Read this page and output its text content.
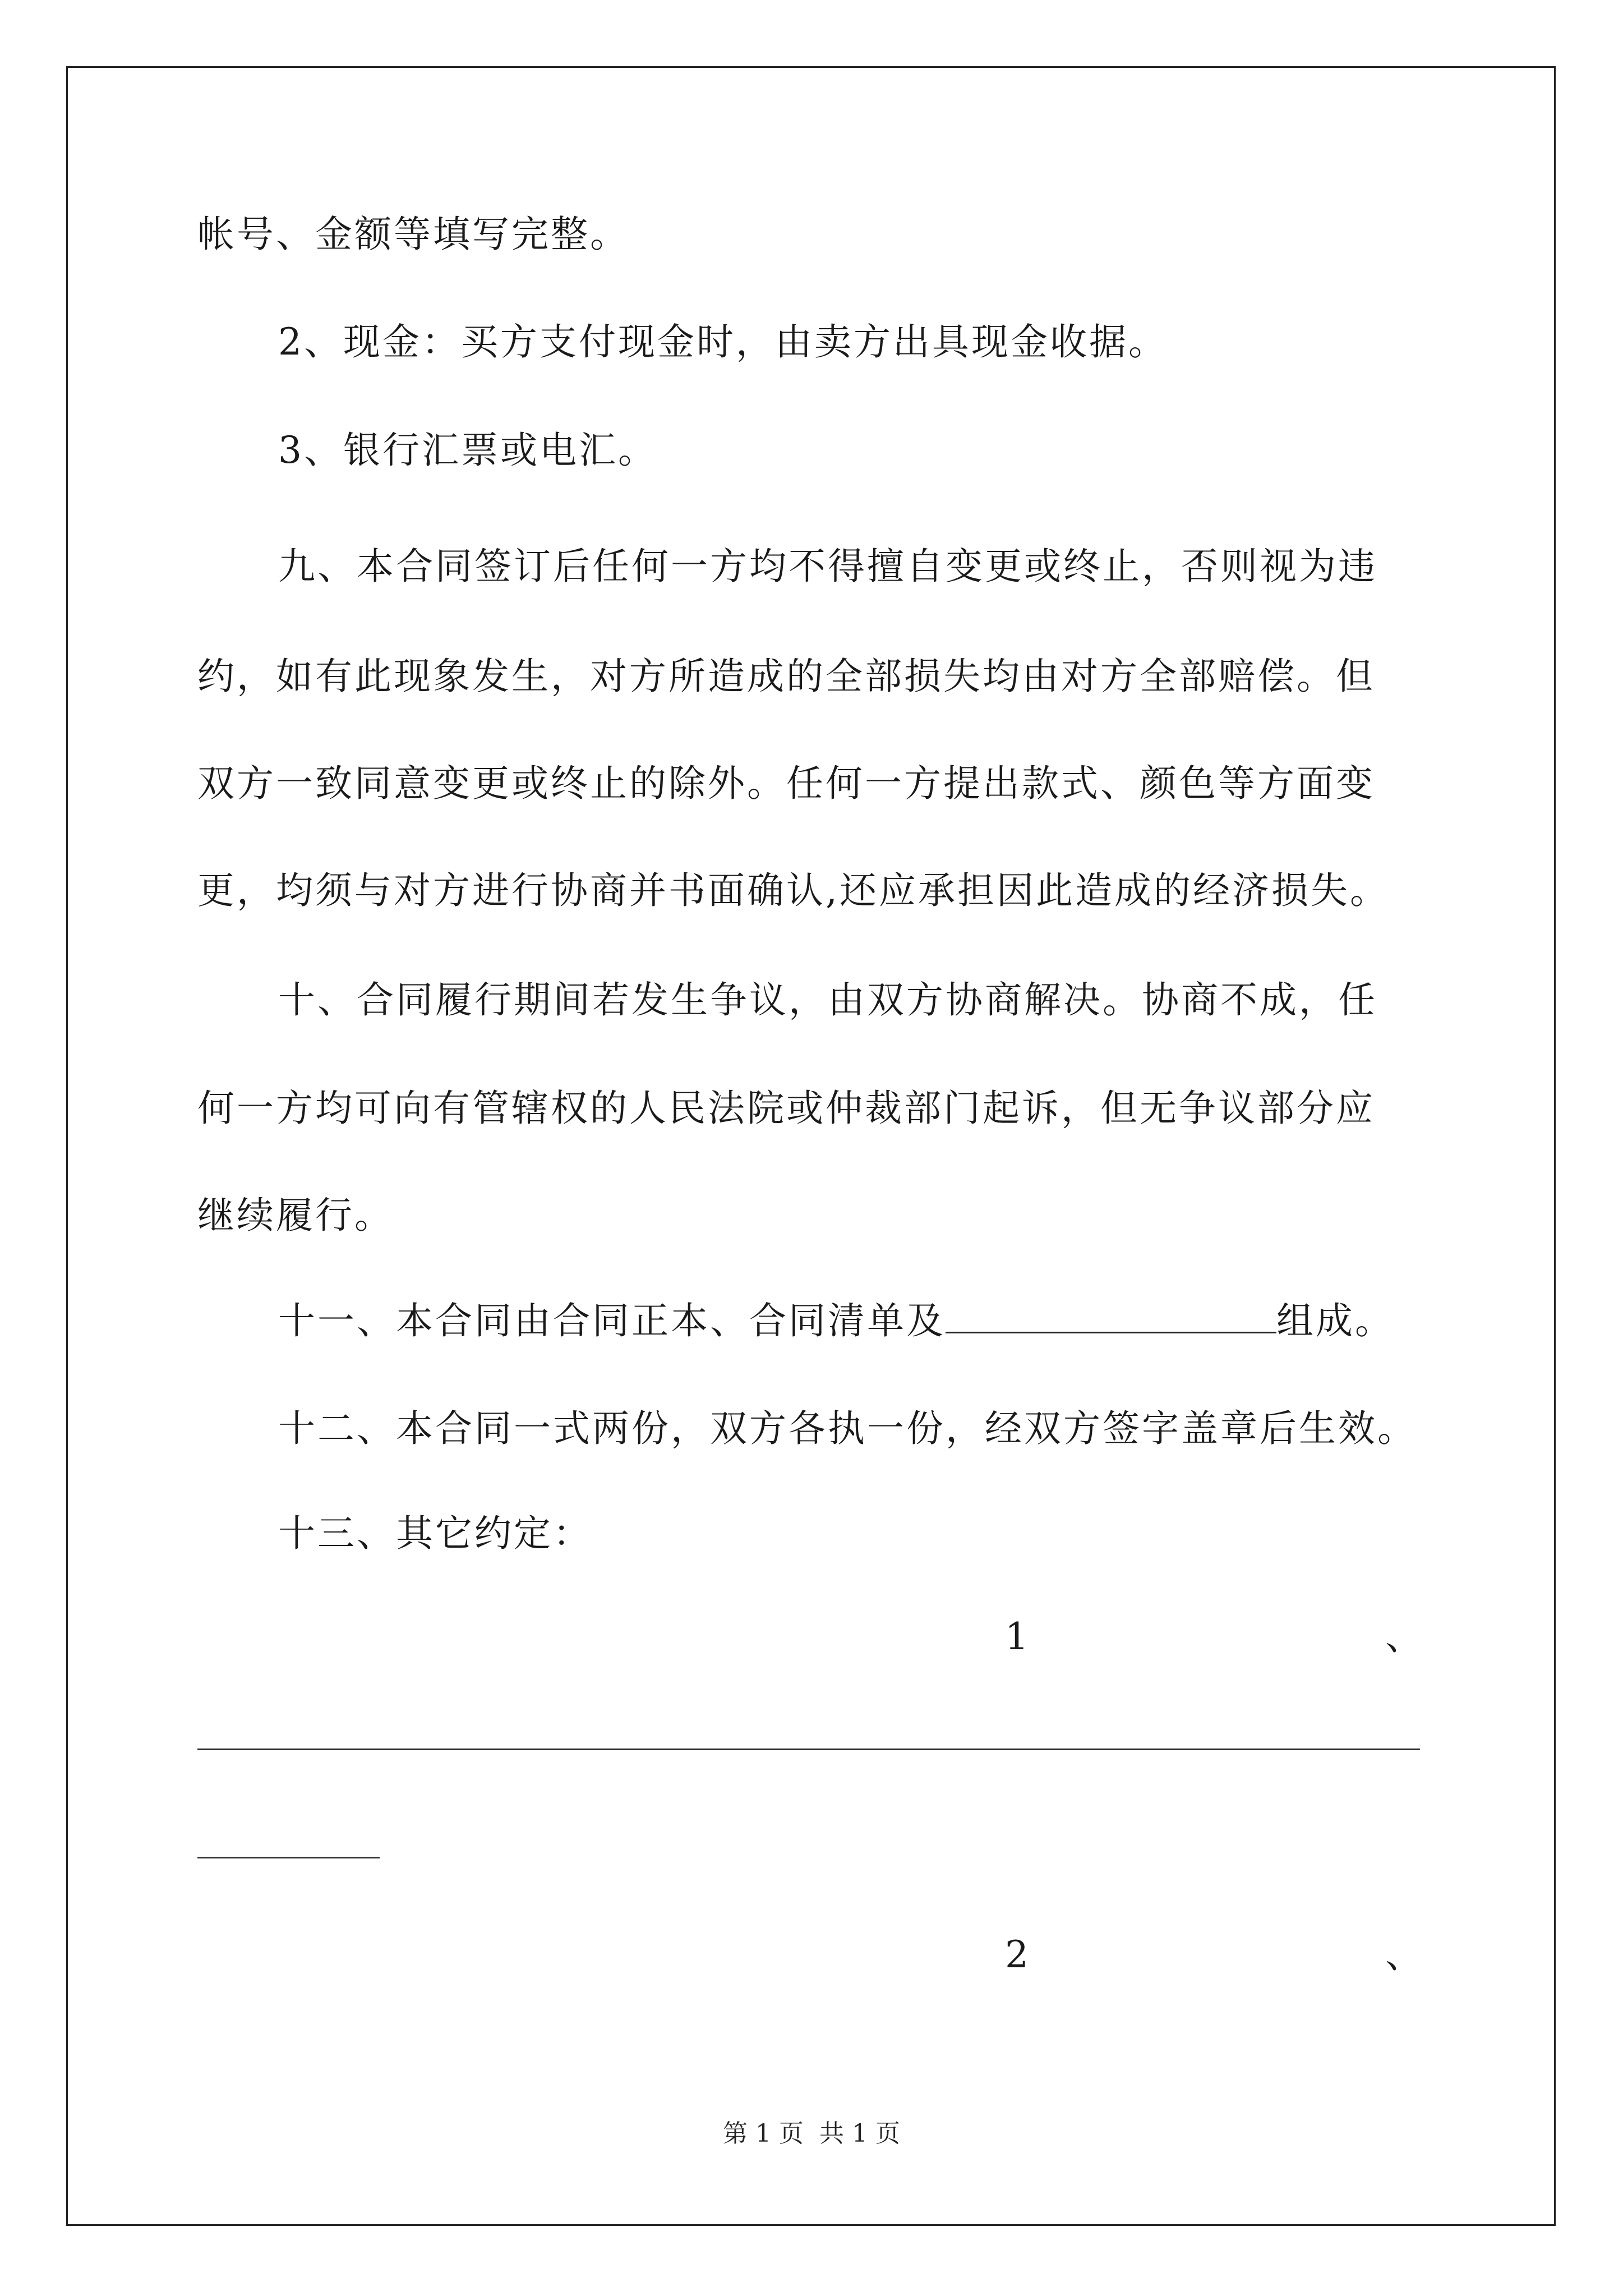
帐号、金额等填写完整。
2、现金：买方支付现金时，由卖方出具现金收据。
3、银行汇票或电汇。
九、本合同签订后任何一方均不得擅自变更或终止，否则视为违
约，如有此现象发生，对方所造成的全部损失均由对方全部赔偿。但
双方一致同意变更或终止的除外。任何一方提出款式、颜色等方面变
更，均须与对方进行协商并书面确认,还应承担因此造成的经济损失。
十、合同履行期间若发生争议，由双方协商解决。协商不成，任
何一方均可向有管辖权的人民法院或仲裁部门起诉，但无争议部分应
继续履行。
十一、本合同由合同正本、合同清单及	组成。
十二、本合同一式两份，双方各执一份，经双方签字盖章后生效。
十三、其它约定：
1	、
2	、
第 1 页 共 1 页
